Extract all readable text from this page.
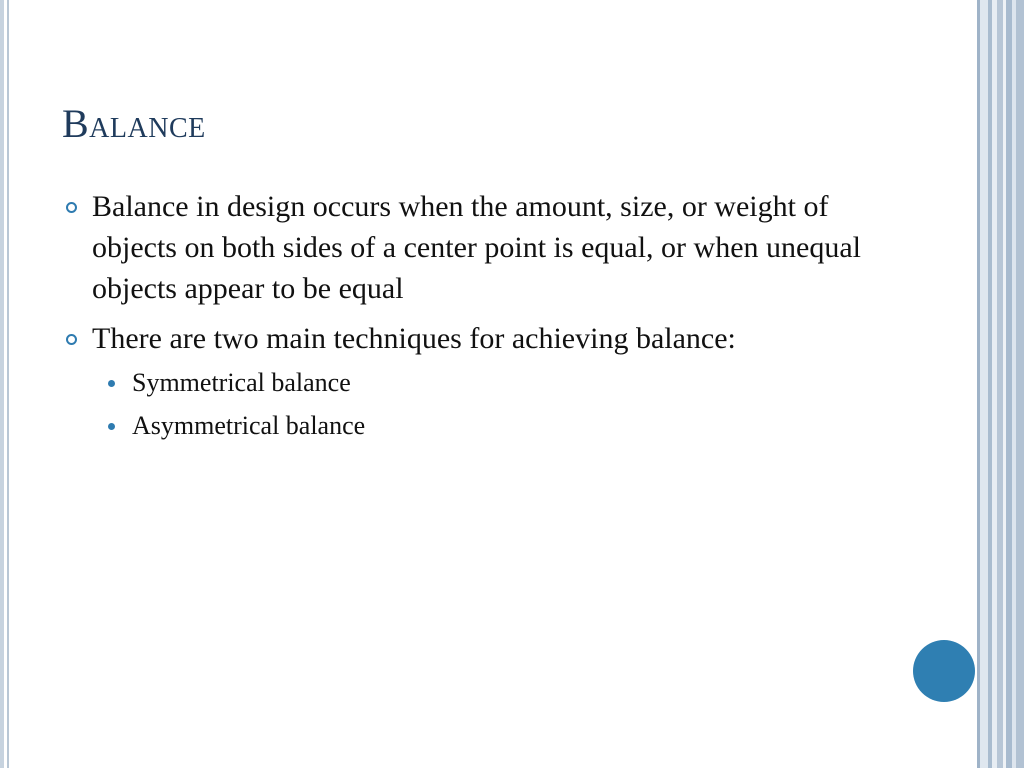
Balance
Balance in design occurs when the amount, size, or weight of objects on both sides of a center point is equal, or when unequal objects appear to be equal
There are two main techniques for achieving balance:
Symmetrical balance
Asymmetrical balance
